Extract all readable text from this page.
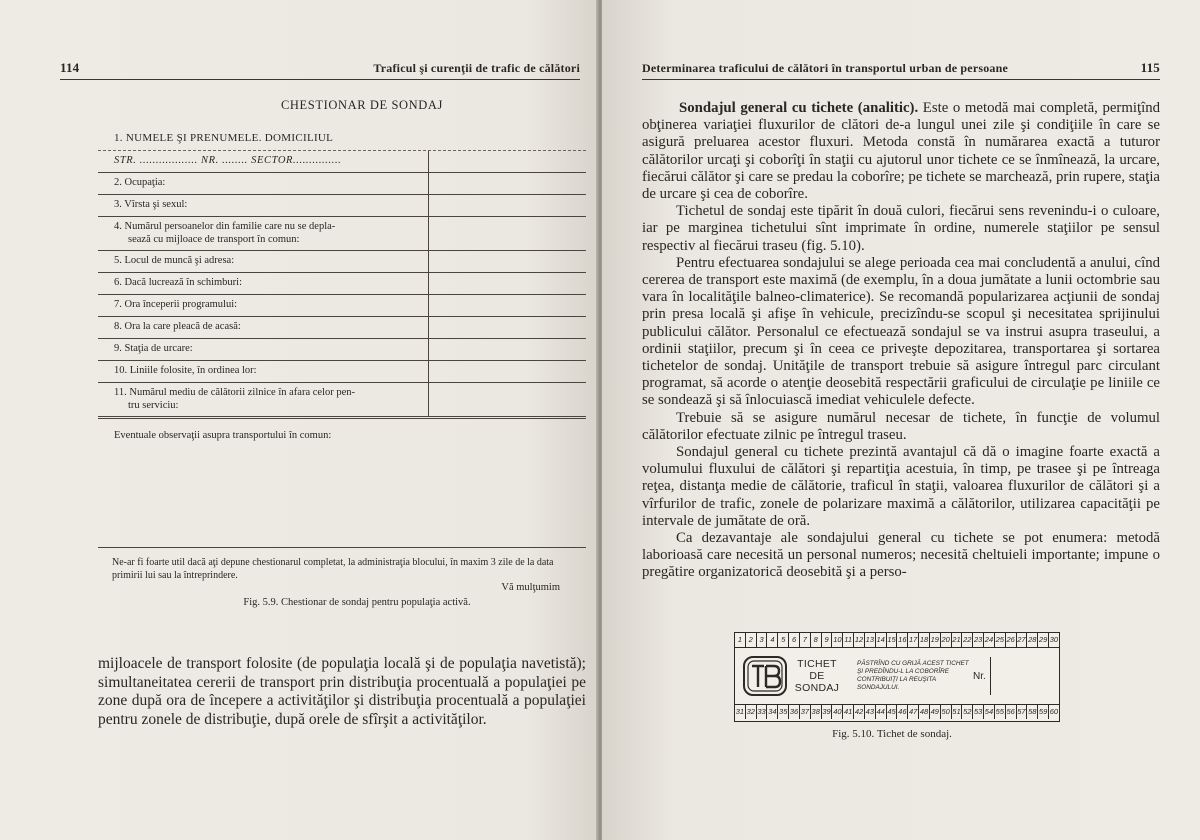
114	Traficul şi curenţii de trafic de călători
CHESTIONAR DE SONDAJ
1. NUMELE ŞI PRENUMELE. DOMICILIUL
STR. .................. NR. ........ SECTOR...............
2. Ocupaţia:
3. Vîrsta şi sexul:
4. Numărul persoanelor din familie care nu se depla-
sează cu mijloace de transport în comun:
5. Locul de muncă şi adresa:
6. Dacă lucrează în schimburi:
7. Ora începerii programului:
8. Ora la care pleacă de acasă:
9. Staţia de urcare:
10. Liniile folosite, în ordinea lor:
11. Numărul mediu de călătorii zilnice în afara celor pen-
tru serviciu:
Eventuale observaţii asupra transportului în comun:
Ne-ar fi foarte util dacă aţi depune chestionarul completat, la administraţia blocului, în maxim 3 zile de la data primirii lui sau la întreprindere.
Vă mulţumim
Fig. 5.9. Chestionar de sondaj pentru populaţia activă.

mijloacele de transport folosite (de populaţia locală şi de populaţia navetistă); simultaneitatea cererii de transport prin distribuţia procentuală a populaţiei pe zone după ora de începere a activităţilor şi distribuţia procentuală a populaţiei pentru zonele de distribuţie, după orele de sfîrşit a activităţilor.

Determinarea traficului de călători în transportul urban de persoane	115

Sondajul general cu tichete (analitic). Este o metodă mai completă, permiţînd obţinerea variaţiei fluxurilor de clători de-a lungul unei zile şi condiţiile în care se asigură preluarea acestor fluxuri. Metoda constă în numărarea exactă a tuturor călătorilor urcaţi şi coborîţi în staţii cu ajutorul unor tichete ce se înmînează, la urcare, fiecărui călător şi care se predau la coborîre; pe tichete se marchează, prin rupere, staţia de urcare şi cea de coborîre.

Tichetul de sondaj este tipărit în două culori, fiecărui sens revenindu-i o culoare, iar pe marginea tichetului sînt imprimate în ordine, numerele staţiilor pe sensul respectiv al fiecărui traseu (fig. 5.10).

Pentru efectuarea sondajului se alege perioada cea mai concludentă a anului, cînd cererea de transport este maximă (de exemplu, în a doua jumătate a lunii octombrie sau vara în localităţile balneo-climaterice). Se recomandă popularizarea acţiunii de sondaj prin presa locală şi afişe în vehicule, precizîndu-se scopul şi necesitatea sprijinului publicului călător. Personalul ce efectuează sondajul se va instrui asupra traseului, a ordinii staţiilor, precum şi în ceea ce priveşte depozitarea, transportarea şi sortarea tichetelor de sondaj. Unităţile de transport trebuie să asigure întregul parc circulant programat, să acorde o atenţie deosebită respectării graficului de circulaţie pe liniile ce se sondează şi să înlocuiască imediat vehiculele defecte.

Trebuie să se asigure numărul necesar de tichete, în funcţie de volumul călătorilor efectuate zilnic pe întregul traseu.

Sondajul general cu tichete prezintă avantajul că dă o imagine foarte exactă a volumului fluxului de călători şi repartiţia acestuia, în timp, pe trasee şi pe întreaga reţea, distanţa medie de călătorie, traficul în staţii, valoarea fluxurilor de călători şi a vîrfurilor de trafic, zonele de polarizare maximă a călătorilor, utilizarea capacităţii pe intervale de jumătate de oră.

Ca dezavantaje ale sondajului general cu tichete se pot enumera: metodă laborioasă care necesită un personal numeros; necesită cheltuieli importante; impune o pregătire organizatorică deosebită şi a perso-

1 2 3 4 5 6 7 8 9 10 11 12 13 14 15 16 17 18 19 20 21 22 23 24 25 26 27 28 29 30
TICHET
DE
SONDAJ
PĂSTRÎND CU GRIJĂ ACEST TICHET ŞI PREDÎNDU-L LA COBORÎRE CONTRIBUIŢI LA REUŞITA SONDAJULUI.
Nr.
31 32 33 34 35 36 37 38 39 40 41 42 43 44 45 46 47 48 49 50 51 52 53 54 55 56 57 58 59 60
Fig. 5.10. Tichet de sondaj.
